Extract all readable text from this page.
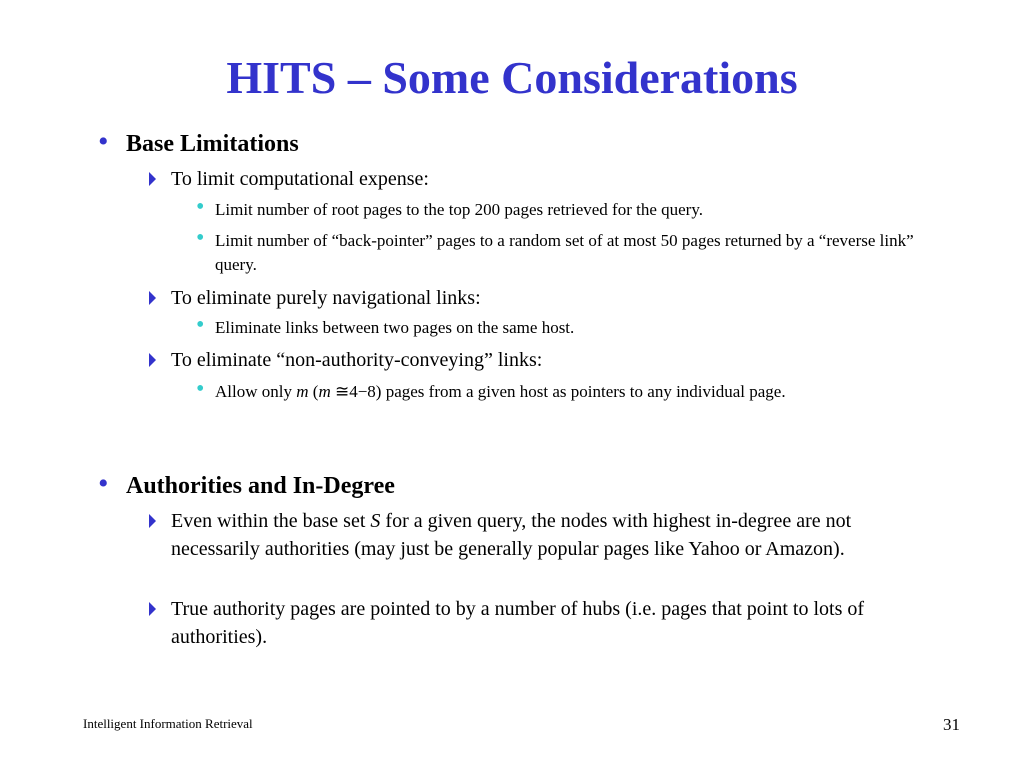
HITS – Some Considerations
• Base Limitations
To limit computational expense:
• Limit number of root pages to the top 200 pages retrieved for the query.
• Limit number of “back-pointer” pages to a random set of at most 50 pages returned by a “reverse link” query.
To eliminate purely navigational links:
• Eliminate links between two pages on the same host.
To eliminate “non-authority-conveying” links:
• Allow only m (m ≅4−8) pages from a given host as pointers to any individual page.
• Authorities and In-Degree
Even within the base set S for a given query, the nodes with highest in-degree are not necessarily authorities (may just be generally popular pages like Yahoo or Amazon).
True authority pages are pointed to by a number of hubs (i.e. pages that point to lots of authorities).
Intelligent Information Retrieval	31
